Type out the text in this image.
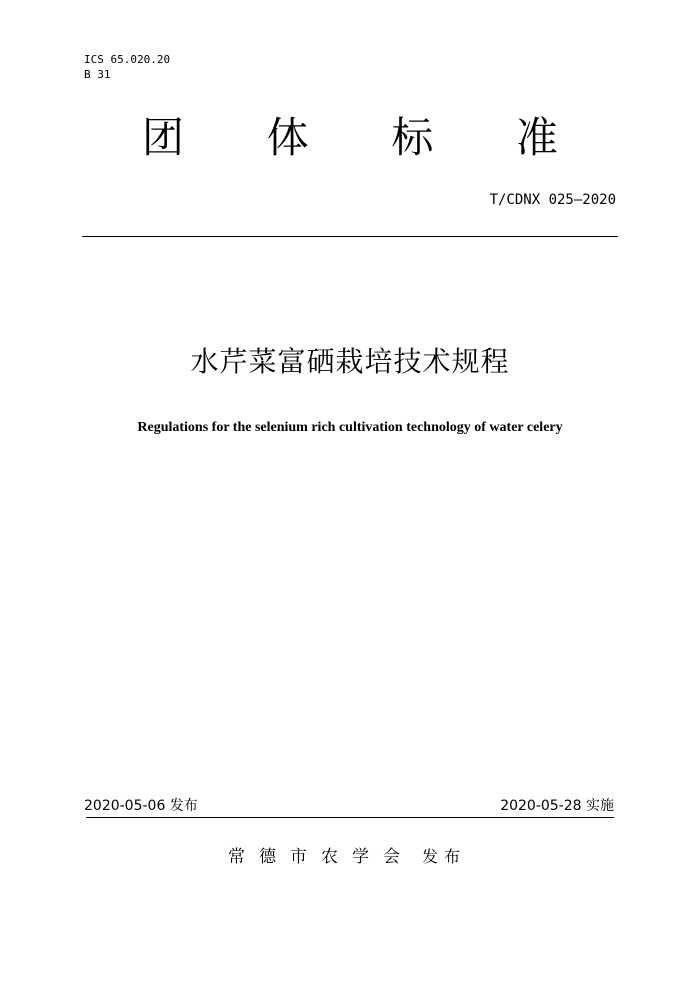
ICS 65.020.20
B 31
团 体 标 准
T/CDNX 025—2020
水芹菜富硒栽培技术规程
Regulations for the selenium rich cultivation technology of water celery
2020-05-06 发布	2020-05-28 实施
常德市农学会 发布
